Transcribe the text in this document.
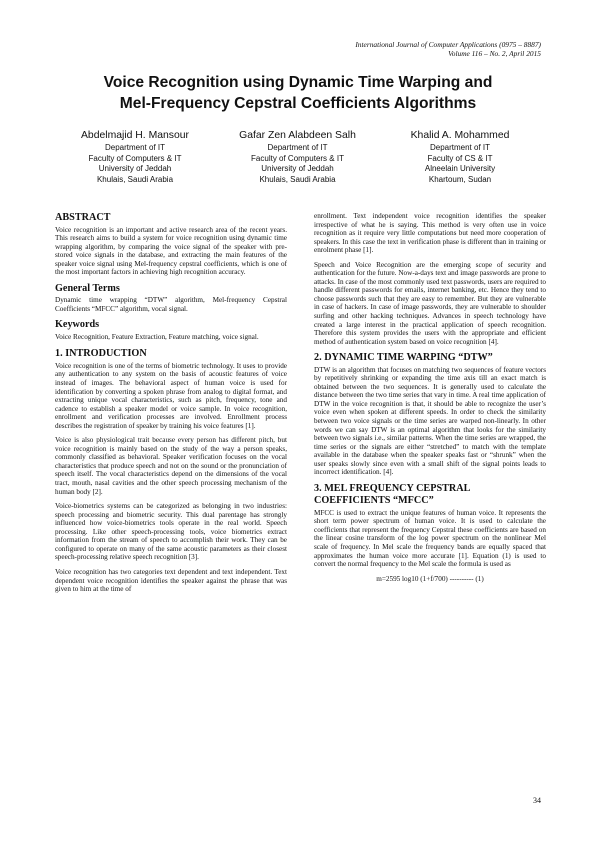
International Journal of Computer Applications (0975 – 8887)
Volume 116 – No. 2, April 2015
Voice Recognition using Dynamic Time Warping and
Mel-Frequency Cepstral Coefficients Algorithms
Abdelmajid H. Mansour
Department of IT
Faculty of Computers & IT
University of Jeddah
Khulais, Saudi Arabia
Gafar Zen Alabdeen Salh
Department of IT
Faculty of Computers & IT
University of Jeddah
Khulais, Saudi Arabia
Khalid A. Mohammed
Department of IT
Faculty of CS & IT
Alneelain University
Khartoum, Sudan
ABSTRACT

Voice recognition is an important and active research area of the recent years. This research aims to build a system for voice recognition using dynamic time wrapping algorithm, by comparing the voice signal of the speaker with pre-stored voice signals in the database, and extracting the main features of the speaker voice signal using Mel-frequency cepstral coefficients, which is one of the most important factors in achieving high recognition accuracy.

General Terms

Dynamic time wrapping “DTW” algorithm, Mel-frequency Cepstral Coefficients “MFCC” algorithm, vocal signal.

Keywords

Voice Recognition, Feature Extraction, Feature matching, voice signal.

1. INTRODUCTION

Voice recognition is one of the terms of biometric technology. It uses to provide any authentication to any system on the basis of acoustic features of voice instead of images. The behavioral aspect of human voice is used for identification by converting a spoken phrase from analog to digital format, and extracting unique vocal characteristics, such as pitch, frequency, tone and cadence to establish a speaker model or voice sample. In voice recognition, enrollment and verification processes are involved. Enrollment process describes the registration of speaker by training his voice features [1].

Voice is also physiological trait because every person has different pitch, but voice recognition is mainly based on the study of the way a person speaks, commonly classified as behavioral. Speaker verification focuses on the vocal characteristics that produce speech and not on the sound or the pronunciation of speech itself. The vocal characteristics depend on the dimensions of the vocal tract, mouth, nasal cavities and the other speech processing mechanism of the human body [2].

Voice-biometrics systems can be categorized as belonging in two industries: speech processing and biometric security. This dual parentage has strongly influenced how voice-biometrics tools operate in the real world. Speech processing. Like other speech-processing tools, voice biometrics extract information from the stream of speech to accomplish their work. They can be configured to operate on many of the same acoustic parameters as their closest speech-processing relative speech recognition [3].

Voice recognition has two categories text dependent and text independent. Text dependent voice recognition identifies the speaker against the phrase that was given to him at the time of

enrollment. Text independent voice recognition identifies the speaker irrespective of what he is saying. This method is very often use in voice recognition as it require very little computations but need more cooperation of speakers. In this case the text in verification phase is different than in training or enrolment phase [1].

Speech and Voice Recognition are the emerging scope of security and authentication for the future. Now-a-days text and image passwords are prone to attacks. In case of the most commonly used text passwords, users are required to handle different passwords for emails, internet banking, etc. Hence they tend to choose passwords such that they are easy to remember. But they are vulnerable in case of hackers. In case of image passwords, they are vulnerable to shoulder surfing and other hacking techniques. Advances in speech technology have created a large interest in the practical application of speech recognition. Therefore this system provides the users with the appropriate and efficient method of authentication system based on voice recognition [4].

2. DYNAMIC TIME WARPING “DTW”

DTW is an algorithm that focuses on matching two sequences of feature vectors by repetitively shrinking or expanding the time axis till an exact match is obtained between the two sequences. It is generally used to calculate the distance between the two time series that vary in time. A real time application of DTW in the voice recognition is that, it should be able to recognize the user’s voice even when spoken at different speeds. In order to check the similarity between two voice signals or the time series are warped non-linearly. In other words we can say DTW is an optimal algorithm that looks for the similarity between two signals i.e., similar patterns. When the time series are wrapped, the time series or the signals are either “stretched” to match with the template available in the database when the speaker speaks fast or “shrunk” when the user speaks slowly since even with a small shift of the signal points leads to incorrect identification. [4].

3. MEL FREQUENCY CEPSTRAL
COEFFICIENTS “MFCC”

MFCC is used to extract the unique features of human voice. It represents the short term power spectrum of human voice. It is used to calculate the coefficients that represent the frequency Cepstral these coefficients are based on the linear cosine transform of the log power spectrum on the nonlinear Mel scale of frequency. In Mel scale the frequency bands are equally spaced that approximates the human voice more accurate [1]. Equation (1) is used to convert the normal frequency to the Mel scale the formula is used as

m=2595 log10 (1+f/700) ---------- (1)

34
